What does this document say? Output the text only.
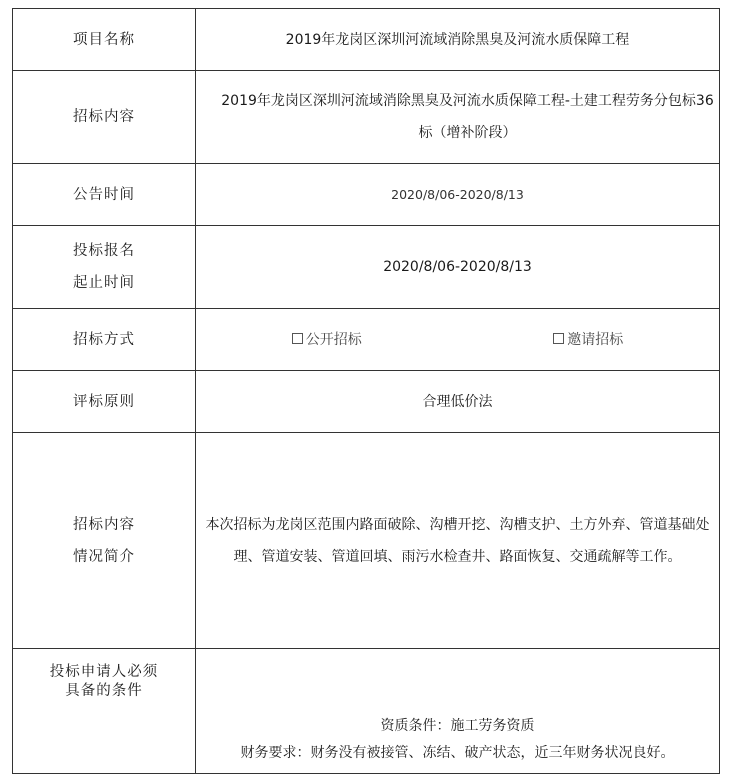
项目名称	2019年龙岗区深圳河流域消除黑臭及河流水质保障工程
招标内容	2019年龙岗区深圳河流域消除黑臭及河流水质保障工程-土建工程劳务分包标36标（增补阶段）
公告时间	2020/8/06-2020/8/13

投标报名
起止时间	2020/8/06-2020/8/13
招标方式	公开招标 邀请招标
评标原则	合理低价法

招标内容
情况简介	本次招标为龙岗区范围内路面破除、沟槽开挖、沟槽支护、土方外弃、管道基础处理、管道安装、管道回填、雨污水检查井、路面恢复、交通疏解等工作。

投标申请人必须
具备的条件	资质条件：施工劳务资质
财务要求：财务没有被接管、冻结、破产状态，近三年财务状况良好。
